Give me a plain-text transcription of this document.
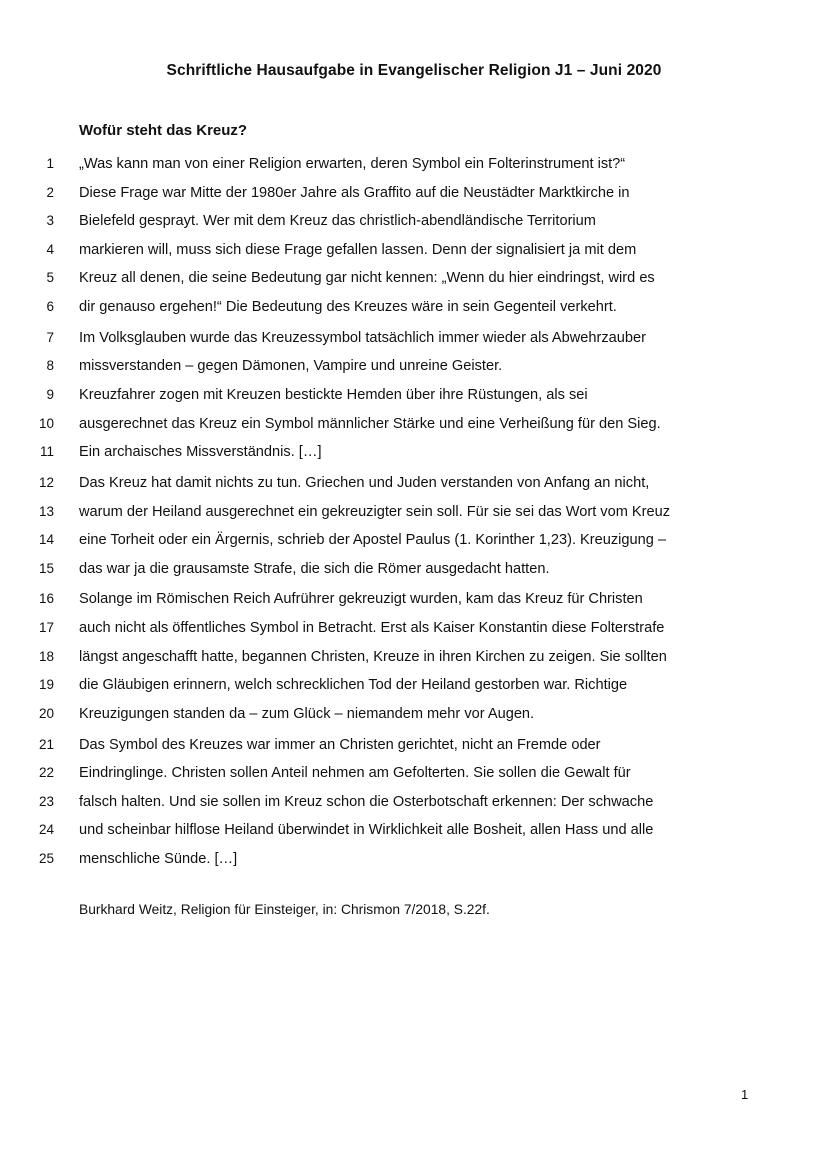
Schriftliche Hausaufgabe in Evangelischer Religion J1 – Juni 2020
Wofür steht das Kreuz?
1 „Was kann man von einer Religion erwarten, deren Symbol ein Folterinstrument ist?“
2 Diese Frage war Mitte der 1980er Jahre als Graffito auf die Neustädter Marktkirche in
3 Bielefeld gesprayt. Wer mit dem Kreuz das christlich-abendländische Territorium
4 markieren will, muss sich diese Frage gefallen lassen. Denn der signalisiert ja mit dem
5 Kreuz all denen, die seine Bedeutung gar nicht kennen: „Wenn du hier eindringst, wird es
6 dir genauso ergehen!“ Die Bedeutung des Kreuzes wäre in sein Gegenteil verkehrt.
7 Im Volksglauben wurde das Kreuzessymbol tatsächlich immer wieder als Abwehrzauber
8 missverstanden – gegen Dämonen, Vampire und unreine Geister.
9 Kreuzfahrer zogen mit Kreuzen bestickte Hemden über ihre Rüstungen, als sei
10 ausgerechnet das Kreuz ein Symbol männlicher Stärke und eine Verheißung für den Sieg.
11 Ein archaisches Missverständnis. […]
12 Das Kreuz hat damit nichts zu tun. Griechen und Juden verstanden von Anfang an nicht,
13 warum der Heiland ausgerechnet ein gekreuzigter sein soll. Für sie sei das Wort vom Kreuz
14 eine Torheit oder ein Ärgernis, schrieb der Apostel Paulus (1. Korinther 1,23). Kreuzigung –
15 das war ja die grausamste Strafe, die sich die Römer ausgedacht hatten.
16 Solange im Römischen Reich Aufrührer gekreuzigt wurden, kam das Kreuz für Christen
17 auch nicht als öffentliches Symbol in Betracht. Erst als Kaiser Konstantin diese Folterstrafe
18 längst angeschafft hatte, begannen Christen, Kreuze in ihren Kirchen zu zeigen. Sie sollten
19 die Gläubigen erinnern, welch schrecklichen Tod der Heiland gestorben war. Richtige
20 Kreuzigungen standen da – zum Glück – niemandem mehr vor Augen.
21 Das Symbol des Kreuzes war immer an Christen gerichtet, nicht an Fremde oder
22 Eindringlinge. Christen sollen Anteil nehmen am Gefolterten. Sie sollen die Gewalt für
23 falsch halten. Und sie sollen im Kreuz schon die Osterbotschaft erkennen: Der schwache
24 und scheinbar hilflose Heiland überwindet in Wirklichkeit alle Bosheit, allen Hass und alle
25 menschliche Sünde. […]
Burkhard Weitz, Religion für Einsteiger, in: Chrismon 7/2018, S.22f.
1
